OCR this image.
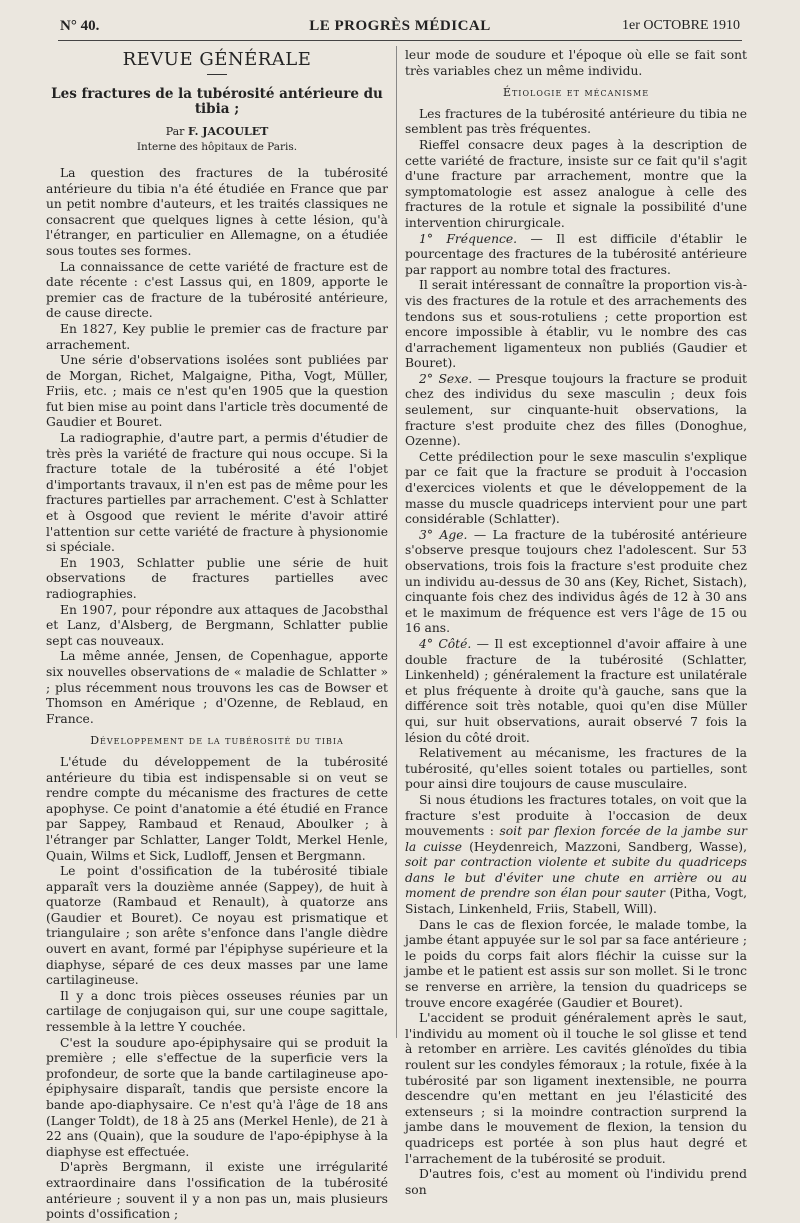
N° 40.	LE PROGRÈS MÉDICAL	1er OCTOBRE 1910
REVUE GÉNÉRALE
Les fractures de la tubérosité antérieure du tibia ;
Par F. JACOULET
Interne des hôpitaux de Paris.

La question des fractures de la tubérosité antérieure du tibia n'a été étudiée en France que par un petit nombre d'auteurs, et les traités classiques ne consacrent que quelques lignes à cette lésion, qu'à l'étranger, en particulier en Allemagne, on a étudiée sous toutes ses formes.

La connaissance de cette variété de fracture est de date récente : c'est Lassus qui, en 1809, apporte le premier cas de fracture de la tubérosité antérieure, de cause directe.

En 1827, Key publie le premier cas de fracture par arrachement.

Une série d'observations isolées sont publiées par de Morgan, Richet, Malgaigne, Pitha, Vogt, Müller, Friis, etc. ; mais ce n'est qu'en 1905 que la question fut bien mise au point dans l'article très documenté de Gaudier et Bouret.

La radiographie, d'autre part, a permis d'étudier de très près la variété de fracture qui nous occupe. Si la fracture totale de la tubérosité a été l'objet d'importants travaux, il n'en est pas de même pour les fractures partielles par arrachement. C'est à Schlatter et à Osgood que revient le mérite d'avoir attiré l'attention sur cette variété de fracture à physionomie si spéciale.

En 1903, Schlatter publie une série de huit observations de fractures partielles avec radiographies.

En 1907, pour répondre aux attaques de Jacobsthal et Lanz, d'Alsberg, de Bergmann, Schlatter publie sept cas nouveaux.

La même année, Jensen, de Copenhague, apporte six nouvelles observations de « maladie de Schlatter » ; plus récemment nous trouvons les cas de Bowser et Thomson en Amérique ; d'Ozenne, de Reblaud, en France.

Développement de la tubérosité du tibia

L'étude du développement de la tubérosité antérieure du tibia est indispensable si on veut se rendre compte du mécanisme des fractures de cette apophyse. Ce point d'anatomie a été étudié en France par Sappey, Rambaud et Renaud, Aboulker ; à l'étranger par Schlatter, Langer Toldt, Merkel Henle, Quain, Wilms et Sick, Ludloff, Jensen et Bergmann.

Le point d'ossification de la tubérosité tibiale apparaît vers la douzième année (Sappey), de huit à quatorze (Rambaud et Renault), à quatorze ans (Gaudier et Bouret). Ce noyau est prismatique et triangulaire ; son arête s'enfonce dans l'angle dièdre ouvert en avant, formé par l'épiphyse supérieure et la diaphyse, séparé de ces deux masses par une lame cartilagineuse.

Il y a donc trois pièces osseuses réunies par un cartilage de conjugaison qui, sur une coupe sagittale, ressemble à la lettre Y couchée.

C'est la soudure apo-épiphysaire qui se produit la première ; elle s'effectue de la superficie vers la profondeur, de sorte que la bande cartilagineuse apo-épiphysaire disparaît, tandis que persiste encore la bande apo-diaphysaire. Ce n'est qu'à l'âge de 18 ans (Langer Toldt), de 18 à 25 ans (Merkel Henle), de 21 à 22 ans (Quain), que la soudure de l'apo-épiphyse à la diaphyse est effectuée.

D'après Bergmann, il existe une irrégularité extraordinaire dans l'ossification de la tubérosité antérieure ; souvent il y a non pas un, mais plusieurs points d'ossification ;

leur mode de soudure et l'époque où elle se fait sont très variables chez un même individu.

Étiologie et mécanisme

Les fractures de la tubérosité antérieure du tibia ne semblent pas très fréquentes.

Rieffel consacre deux pages à la description de cette variété de fracture, insiste sur ce fait qu'il s'agit d'une fracture par arrachement, montre que la symptomatologie est assez analogue à celle des fractures de la rotule et signale la possibilité d'une intervention chirurgicale.

1° Fréquence. — Il est difficile d'établir le pourcentage des fractures de la tubérosité antérieure par rapport au nombre total des fractures.

Il serait intéressant de connaître la proportion vis-à-vis des fractures de la rotule et des arrachements des tendons sus et sous-rotuliens ; cette proportion est encore impossible à établir, vu le nombre des cas d'arrachement ligamenteux non publiés (Gaudier et Bouret).

2° Sexe. — Presque toujours la fracture se produit chez des individus du sexe masculin ; deux fois seulement, sur cinquante-huit observations, la fracture s'est produite chez des filles (Donoghue, Ozenne).

Cette prédilection pour le sexe masculin s'explique par ce fait que la fracture se produit à l'occasion d'exercices violents et que le développement de la masse du muscle quadriceps intervient pour une part considérable (Schlatter).

3° Age. — La fracture de la tubérosité antérieure s'observe presque toujours chez l'adolescent. Sur 53 observations, trois fois la fracture s'est produite chez un individu au-dessus de 30 ans (Key, Richet, Sistach), cinquante fois chez des individus âgés de 12 à 30 ans et le maximum de fréquence est vers l'âge de 15 ou 16 ans.

4° Côté. — Il est exceptionnel d'avoir affaire à une double fracture de la tubérosité (Schlatter, Linkenheld) ; généralement la fracture est unilatérale et plus fréquente à droite qu'à gauche, sans que la différence soit très notable, quoi qu'en dise Müller qui, sur huit observations, aurait observé 7 fois la lésion du côté droit.

Relativement au mécanisme, les fractures de la tubérosité, qu'elles soient totales ou partielles, sont pour ainsi dire toujours de cause musculaire.

Si nous étudions les fractures totales, on voit que la fracture s'est produite à l'occasion de deux mouvements : soit par flexion forcée de la jambe sur la cuisse (Heydenreich, Mazzoni, Sandberg, Wasse), soit par contraction violente et subite du quadriceps dans le but d'éviter une chute en arrière ou au moment de prendre son élan pour sauter (Pitha, Vogt, Sistach, Linkenheld, Friis, Stabell, Will).

Dans le cas de flexion forcée, le malade tombe, la jambe étant appuyée sur le sol par sa face antérieure ; le poids du corps fait alors fléchir la cuisse sur la jambe et le patient est assis sur son mollet. Si le tronc se renverse en arrière, la tension du quadriceps se trouve encore exagérée (Gaudier et Bouret).

L'accident se produit généralement après le saut, l'individu au moment où il touche le sol glisse et tend à retomber en arrière. Les cavités glénoïdes du tibia roulent sur les condyles fémoraux ; la rotule, fixée à la tubérosité par son ligament inextensible, ne pourra descendre qu'en mettant en jeu l'élasticité des extenseurs ; si la moindre contraction surprend la jambe dans le mouvement de flexion, la tension du quadriceps est portée à son plus haut degré et l'arrachement de la tubérosité se produit.

D'autres fois, c'est au moment où l'individu prend son
